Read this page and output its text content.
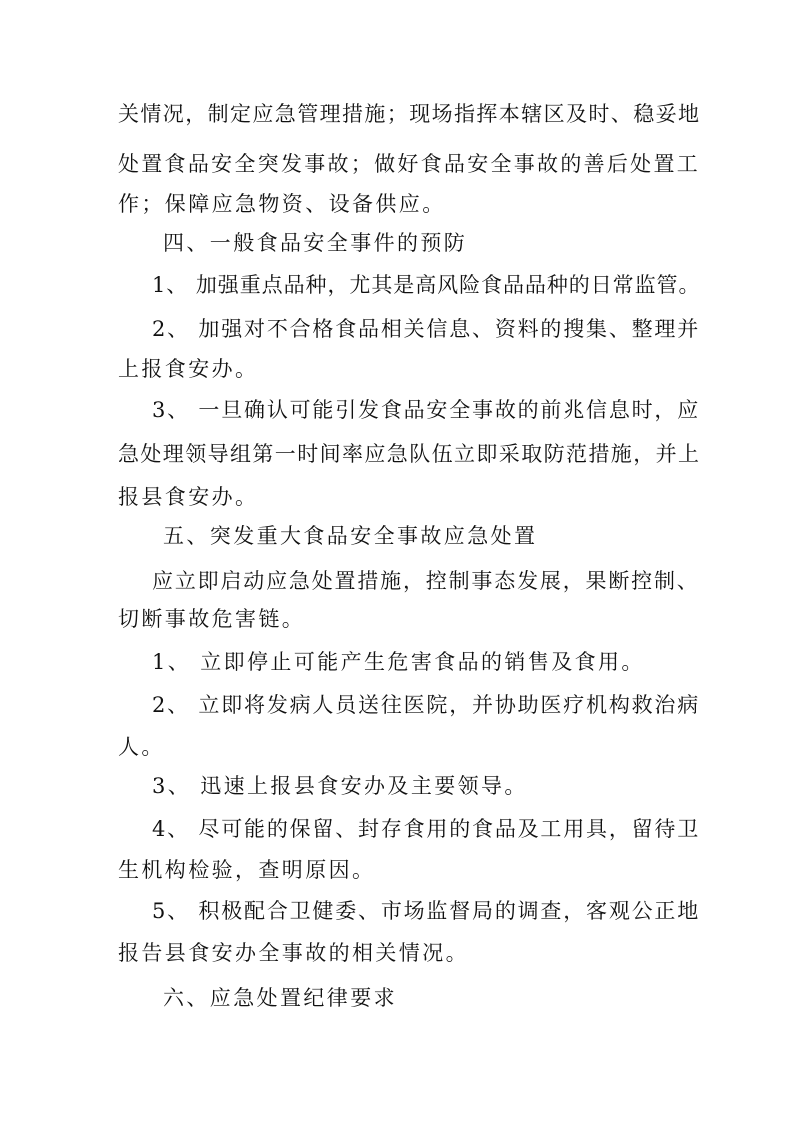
关情况，制定应急管理措施；现场指挥本辖区及时、稳妥地
处置食品安全突发事故；做好食品安全事故的善后处置工
作；保障应急物资、设备供应。
四、一般食品安全事件的预防
1、 加强重点品种，尤其是高风险食品品种的日常监管。
2、 加强对不合格食品相关信息、资料的搜集、整理并
上报食安办。
3、 一旦确认可能引发食品安全事故的前兆信息时，应
急处理领导组第一时间率应急队伍立即采取防范措施，并上
报县食安办。
五、突发重大食品安全事故应急处置
应立即启动应急处置措施，控制事态发展，果断控制、
切断事故危害链。
1、 立即停止可能产生危害食品的销售及食用。
2、 立即将发病人员送往医院，并协助医疗机构救治病
人。
3、 迅速上报县食安办及主要领导。
4、 尽可能的保留、封存食用的食品及工用具，留待卫
生机构检验，查明原因。
5、 积极配合卫健委、市场监督局的调查，客观公正地
报告县食安办全事故的相关情况。
六、应急处置纪律要求
